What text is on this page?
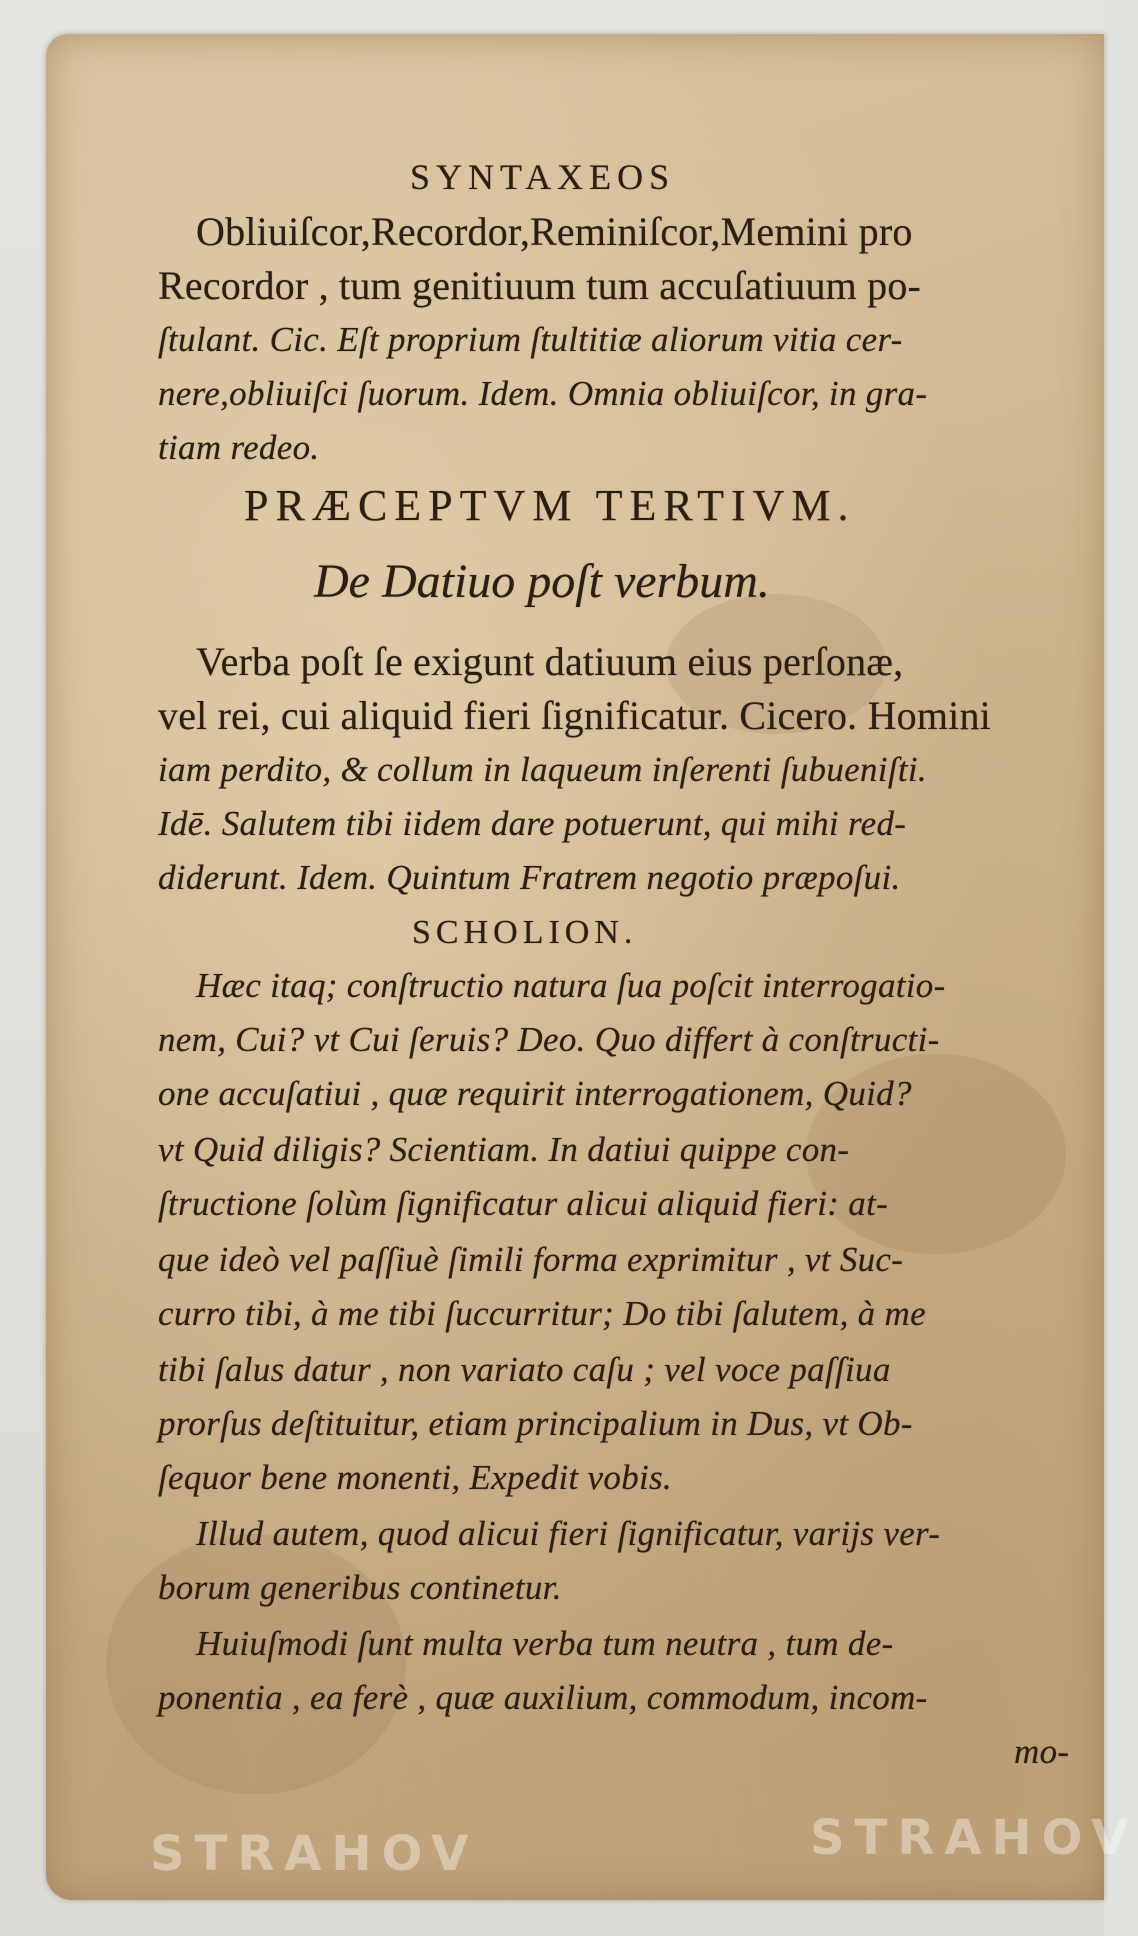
SYNTAXEOS
Obliuiſcor,Recordor,Reminiſcor,Memini pro
Recordor , tum genitiuum tum accuſatiuum po-
ſtulant. Cic. Eſt proprium ſtultitiæ aliorum vitia cer-
nere,obliuiſci ſuorum. Idem. Omnia obliuiſcor, in gra-
tiam redeo.
PRÆCEPTVM TERTIVM.
De Datiuo poſt verbum.
Verba poſt ſe exigunt datiuum eius perſonæ,
vel rei, cui aliquid fieri ſignificatur. Cicero. Homini
iam perdito, & collum in laqueum inſerenti ſubueniſti.
Idē. Salutem tibi iidem dare potuerunt, qui mihi red-
diderunt. Idem. Quintum Fratrem negotio præpoſui.
SCHOLION.
Hæc itaq; conſtructio natura ſua poſcit interrogatio-
nem, Cui? vt Cui ſeruis? Deo. Quo differt à conſtructi-
one accuſatiui , quæ requirit interrogationem, Quid?
vt Quid diligis? Scientiam. In datiui quippe con-
ſtructione ſolùm ſignificatur alicui aliquid fieri: at-
que ideò vel paſſiuè ſimili forma exprimitur , vt Suc-
curro tibi, à me tibi ſuccurritur; Do tibi ſalutem, à me
tibi ſalus datur , non variato caſu ; vel voce paſſiua
prorſus deſtituitur, etiam principalium in Dus, vt Ob-
ſequor bene monenti, Expedit vobis.
Illud autem, quod alicui fieri ſignificatur, varijs ver-
borum generibus continetur.
Huiuſmodi ſunt multa verba tum neutra , tum de-
ponentia , ea ferè , quæ auxilium, commodum, incom-
mo-
STRAHOV	STRAHOV
